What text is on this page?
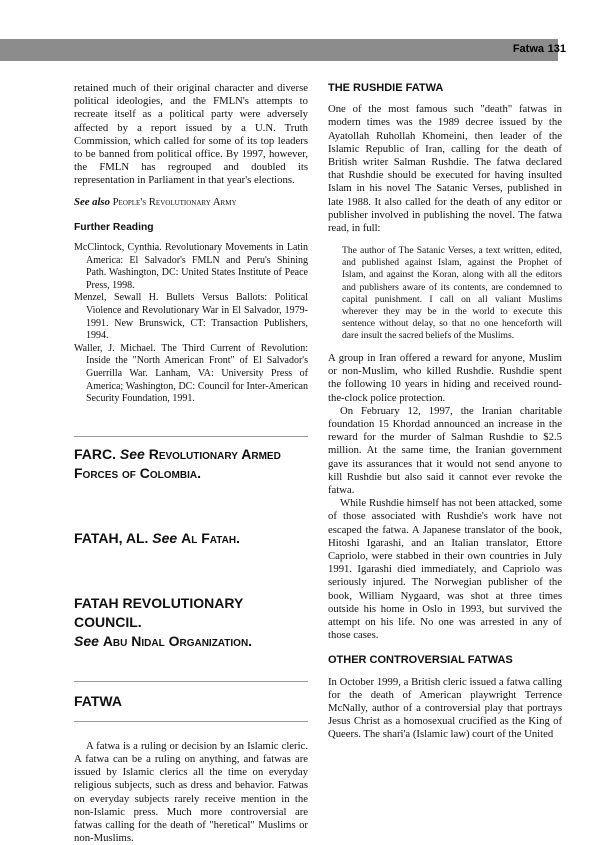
Fatwa 131

retained much of their original character and diverse political ideologies, and the FMLN's attempts to recreate itself as a political party were adversely affected by a report issued by a U.N. Truth Commission, which called for some of its top leaders to be banned from political office. By 1997, however, the FMLN has regrouped and doubled its representation in Parliament in that year's elections.

See also People's Revolutionary Army

Further Reading

McClintock, Cynthia. Revolutionary Movements in Latin America: El Salvador's FMLN and Peru's Shining Path. Washington, DC: United States Institute of Peace Press, 1998.

Menzel, Sewall H. Bullets Versus Ballots: Political Violence and Revolutionary War in El Salvador, 1979-1991. New Brunswick, CT: Transaction Publishers, 1994.

Waller, J. Michael. The Third Current of Revolution: Inside the "North American Front" of El Salvador's Guerrilla War. Lanham, VA: University Press of America; Washington, DC: Council for Inter-American Security Foundation, 1991.

FARC. See Revolutionary Armed Forces of Colombia.
FATAH, AL. See Al Fatah.
FATAH REVOLUTIONARY COUNCIL.
See Abu Nidal Organization.
FATWA

A fatwa is a ruling or decision by an Islamic cleric. A fatwa can be a ruling on anything, and fatwas are issued by Islamic clerics all the time on everyday religious subjects, such as dress and behavior. Fatwas on everyday subjects rarely receive mention in the non-Islamic press. Much more controversial are fatwas calling for the death of "heretical" Muslims or non-Muslims.

THE RUSHDIE FATWA

One of the most famous such "death" fatwas in modern times was the 1989 decree issued by the Ayatollah Ruhollah Khomeini, then leader of the Islamic Republic of Iran, calling for the death of British writer Salman Rushdie. The fatwa declared that Rushdie should be executed for having insulted Islam in his novel The Satanic Verses, published in late 1988. It also called for the death of any editor or publisher involved in publishing the novel. The fatwa read, in full:

The author of The Satanic Verses, a text written, edited, and published against Islam, against the Prophet of Islam, and against the Koran, along with all the editors and publishers aware of its contents, are condemned to capital punishment. I call on all valiant Muslims wherever they may be in the world to execute this sentence without delay, so that no one henceforth will dare insult the sacred beliefs of the Muslims.

A group in Iran offered a reward for anyone, Muslim or non-Muslim, who killed Rushdie. Rushdie spent the following 10 years in hiding and received round-the-clock police protection.

On February 12, 1997, the Iranian charitable foundation 15 Khordad announced an increase in the reward for the murder of Salman Rushdie to $2.5 million. At the same time, the Iranian government gave its assurances that it would not send anyone to kill Rushdie but also said it cannot ever revoke the fatwa.

While Rushdie himself has not been attacked, some of those associated with Rushdie's work have not escaped the fatwa. A Japanese translator of the book, Hitoshi Igarashi, and an Italian translator, Ettore Capriolo, were stabbed in their own countries in July 1991. Igarashi died immediately, and Capriolo was seriously injured. The Norwegian publisher of the book, William Nygaard, was shot at three times outside his home in Oslo in 1993, but survived the attempt on his life. No one was arrested in any of those cases.

OTHER CONTROVERSIAL FATWAS

In October 1999, a British cleric issued a fatwa calling for the death of American playwright Terrence McNally, author of a controversial play that portrays Jesus Christ as a homosexual crucified as the King of Queers. The shari'a (Islamic law) court of the United
